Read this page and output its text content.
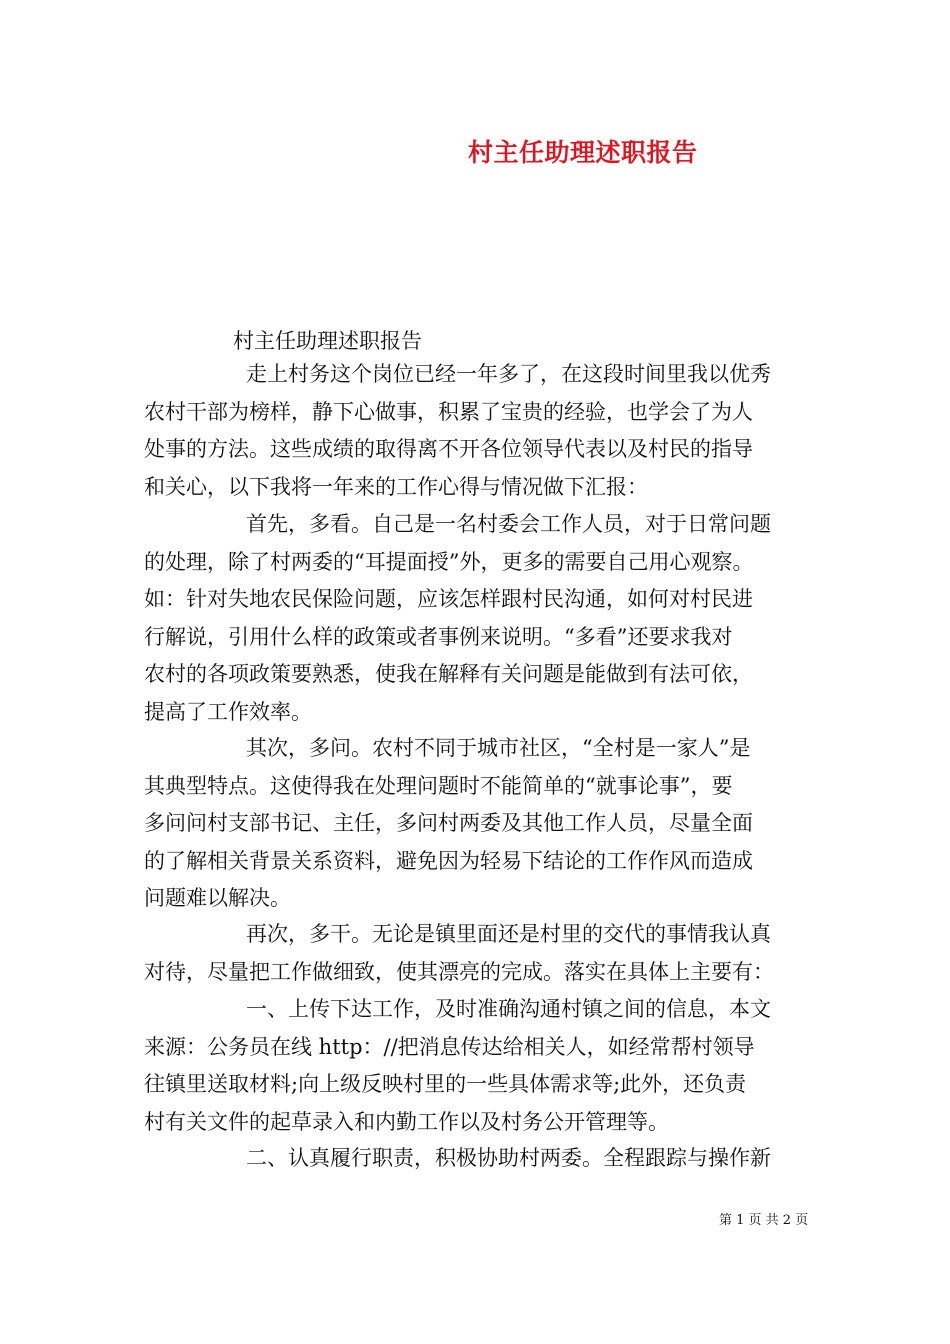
村主任助理述职报告
村主任助理述职报告
走上村务这个岗位已经一年多了，在这段时间里我以优秀
农村干部为榜样，静下心做事，积累了宝贵的经验，也学会了为人
处事的方法。这些成绩的取得离不开各位领导代表以及村民的指导
和关心，以下我将一年来的工作心得与情况做下汇报：
首先，多看。自己是一名村委会工作人员，对于日常问题
的处理，除了村两委的“耳提面授”外，更多的需要自己用心观察。
如：针对失地农民保险问题，应该怎样跟村民沟通，如何对村民进
行解说，引用什么样的政策或者事例来说明。“多看”还要求我对
农村的各项政策要熟悉，使我在解释有关问题是能做到有法可依，
提高了工作效率。
其次，多问。农村不同于城市社区，“全村是一家人”是
其典型特点。这使得我在处理问题时不能简单的“就事论事”，要
多问问村支部书记、主任，多问村两委及其他工作人员，尽量全面
的了解相关背景关系资料，避免因为轻易下结论的工作作风而造成
问题难以解决。
再次，多干。无论是镇里面还是村里的交代的事情我认真
对待，尽量把工作做细致，使其漂亮的完成。落实在具体上主要有：
一、上传下达工作，及时准确沟通村镇之间的信息，本文
来源：公务员在线 http：//把消息传达给相关人，如经常帮村领导
往镇里送取材料;向上级反映村里的一些具体需求等;此外，还负责
村有关文件的起草录入和内勤工作以及村务公开管理等。
二、认真履行职责，积极协助村两委。全程跟踪与操作新
第 1 页 共 2 页
